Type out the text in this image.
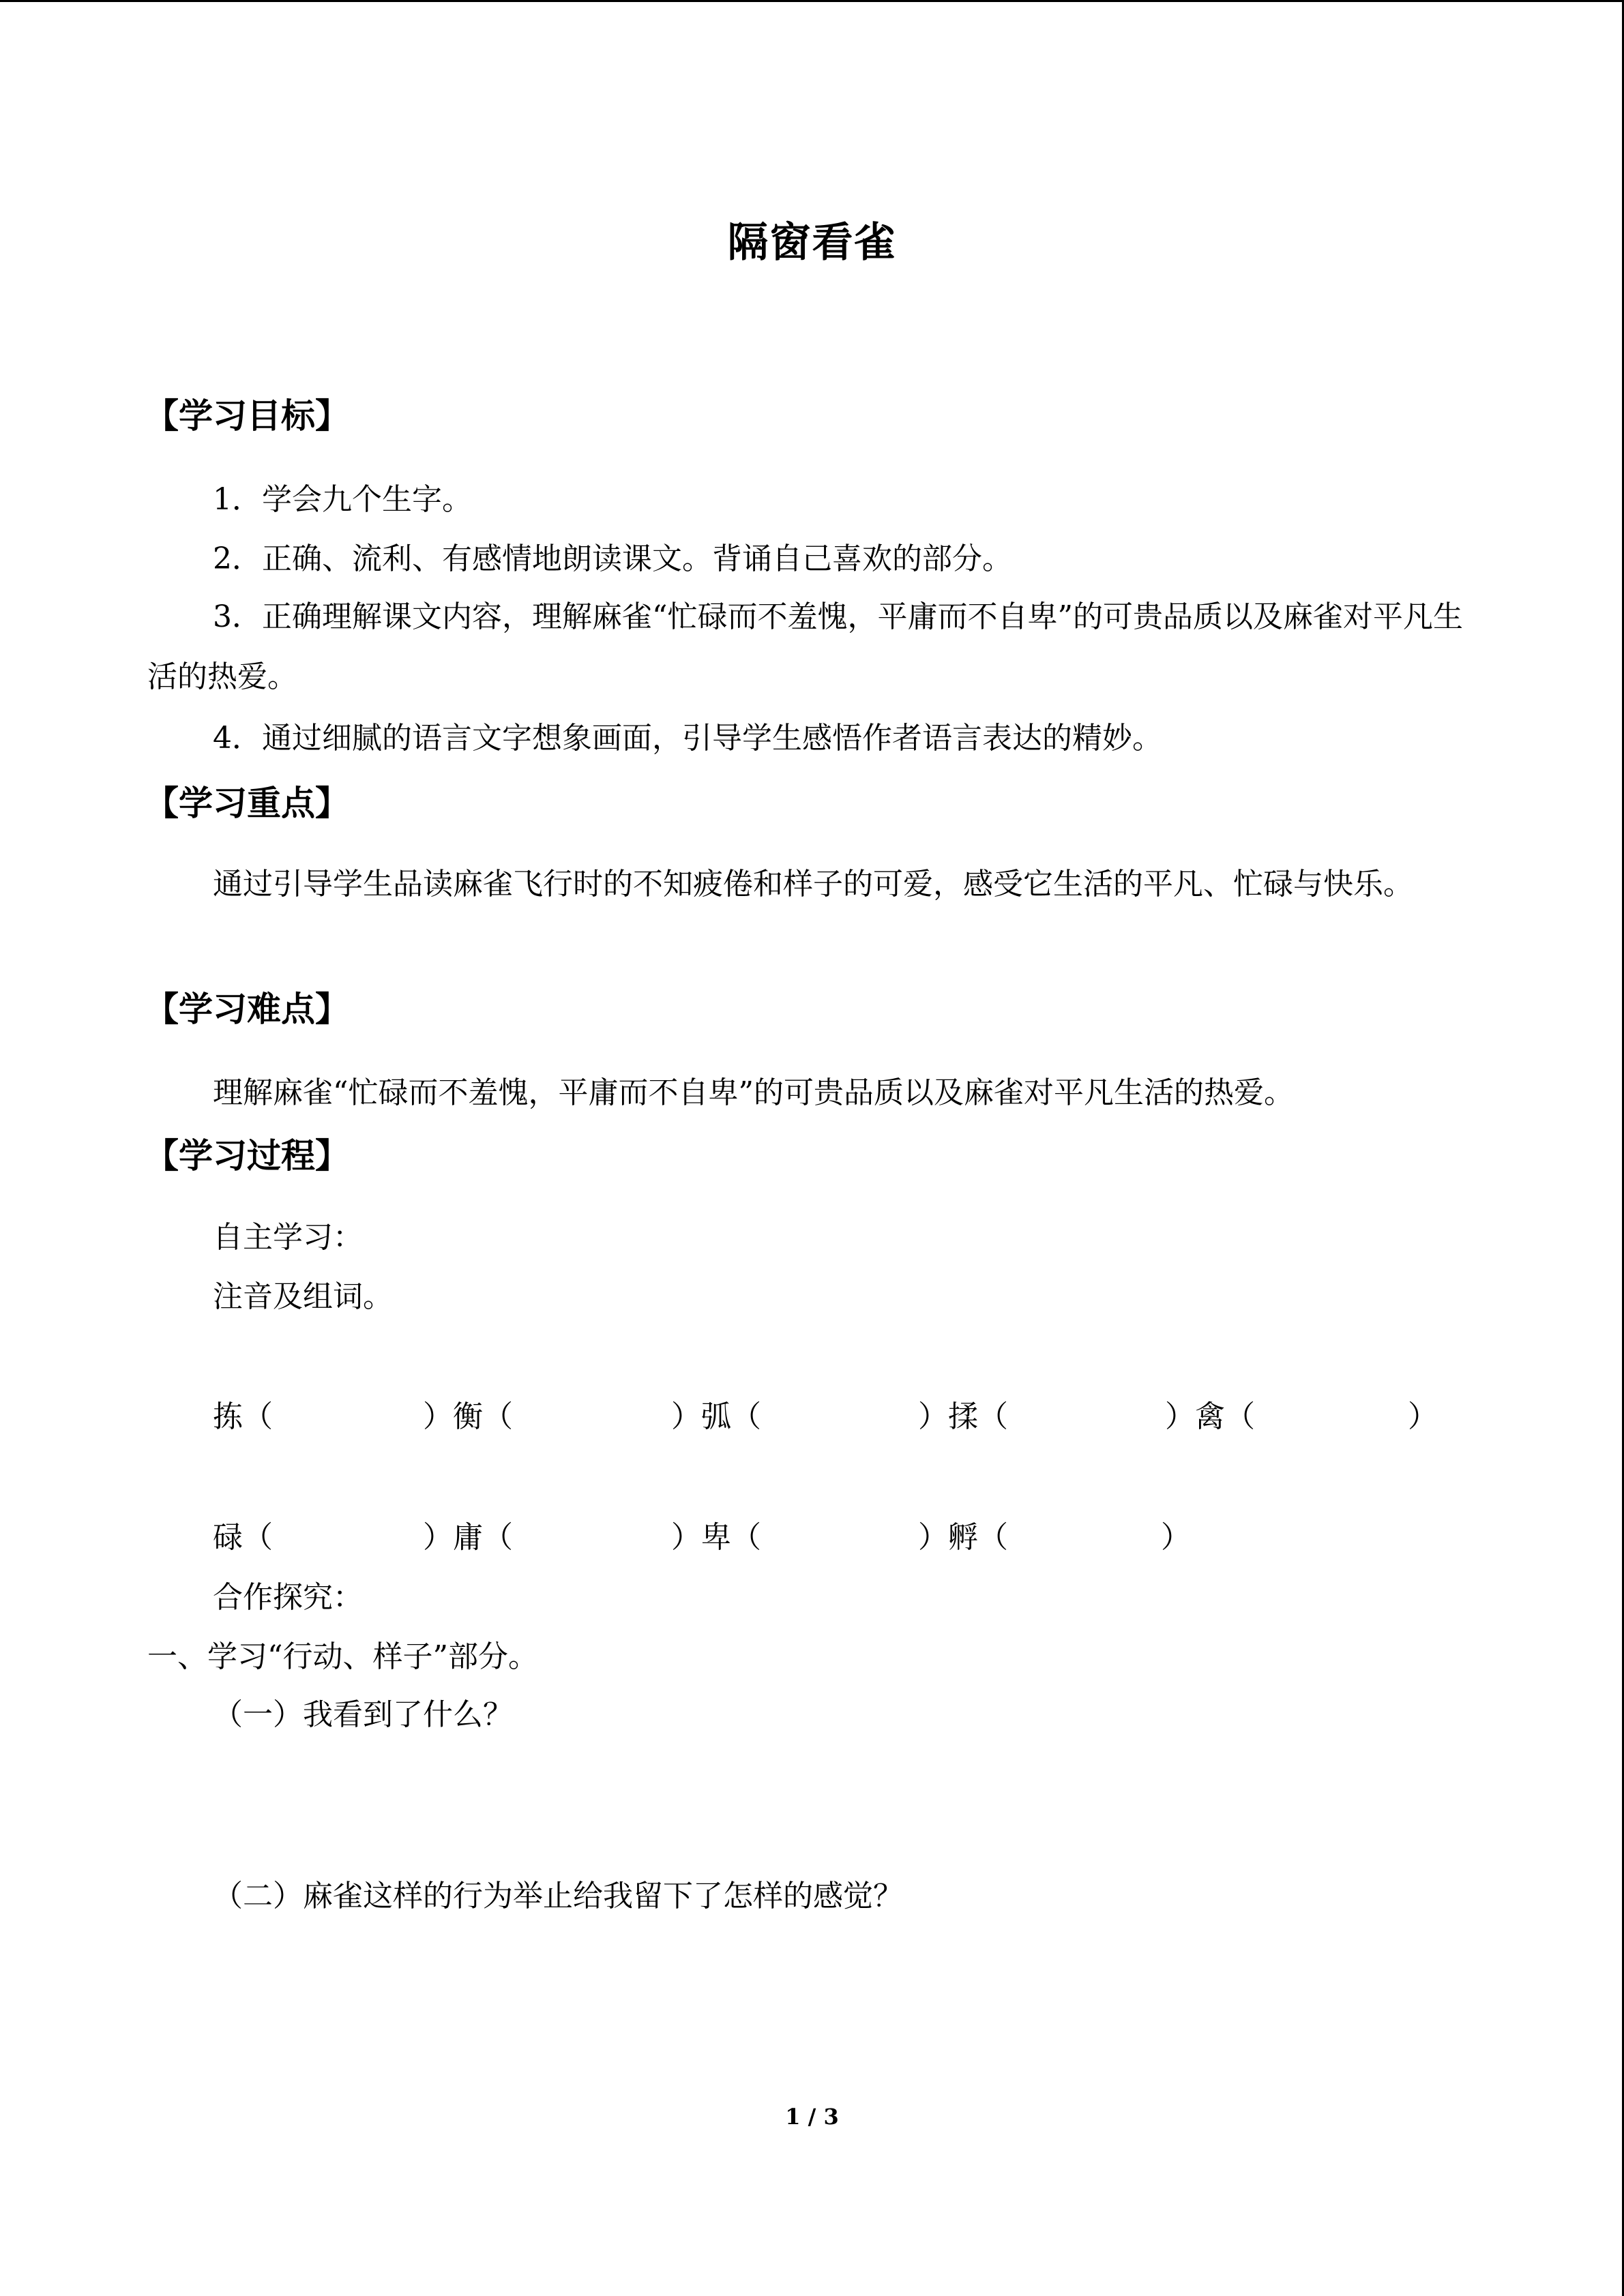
隔窗看雀
【学习目标】
1．学会九个生字。
2．正确、流利、有感情地朗读课文。背诵自己喜欢的部分。
3．正确理解课文内容，理解麻雀“忙碌而不羞愧，平庸而不自卑”的可贵品质以及麻雀对平凡生活的热爱。
4．通过细腻的语言文字想象画面，引导学生感悟作者语言表达的精妙。
【学习重点】
通过引导学生品读麻雀飞行时的不知疲倦和样子的可爱，感受它生活的平凡、忙碌与快乐。
【学习难点】
理解麻雀“忙碌而不羞愧，平庸而不自卑”的可贵品质以及麻雀对平凡生活的热爱。
【学习过程】
自主学习：
注音及组词。
拣（	）衡（	）弧（	）揉（	）禽（	）
碌（	）庸（	）卑（	）孵（	）
合作探究：
一、学习“行动、样子”部分。
（一）我看到了什么？
（二）麻雀这样的行为举止给我留下了怎样的感觉？
1 / 3
